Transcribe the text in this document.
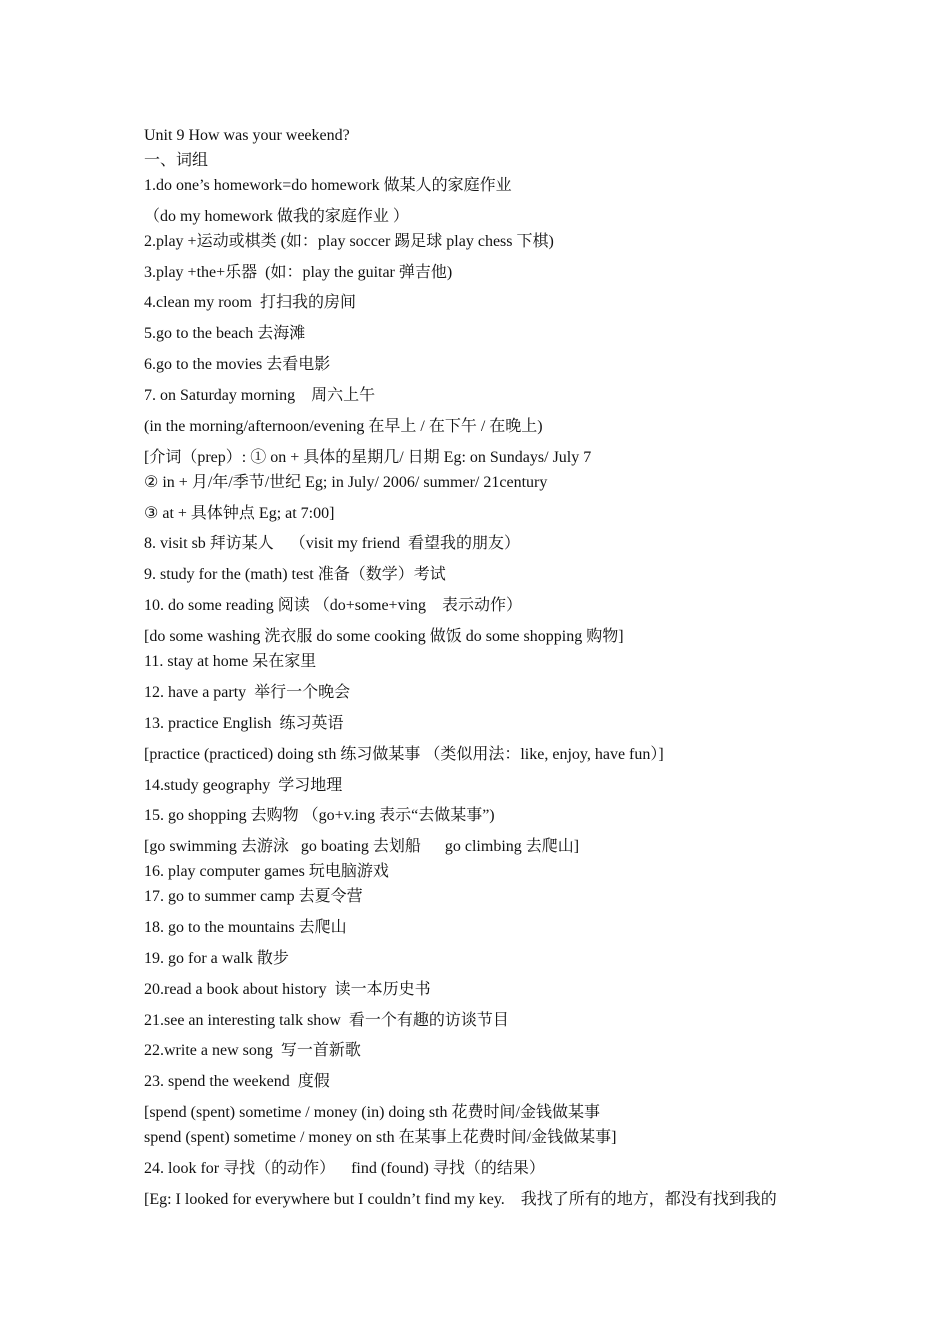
Unit 9 How was your weekend?
一、词组
1.do one’s homework=do homework 做某人的家庭作业
（do my homework 做我的家庭作业 ）
2.play +运动或棋类 (如：play soccer 踢足球 play chess 下棋)
3.play +the+乐器  (如：play the guitar 弹吉他)
4.clean my room  打扫我的房间
5.go to the beach 去海滩
6.go to the movies 去看电影
7. on Saturday morning    周六上午
(in the morning/afternoon/evening 在早上 / 在下午 / 在晚上)
[介词（prep）: ① on + 具体的星期几/ 日期 Eg: on Sundays/ July 7
② in + 月/年/季节/世纪 Eg; in July/ 2006/ summer/ 21century
③ at + 具体钟点 Eg; at 7:00]
8. visit sb 拜访某人    （visit my friend  看望我的朋友）
9. study for the (math) test 准备（数学）考试
10. do some reading 阅读 （do+some+ving    表示动作）
[do some washing 洗衣服 do some cooking 做饭 do some shopping 购物]
11. stay at home 呆在家里
12. have a party  举行一个晚会
13. practice English  练习英语
[practice (practiced) doing sth 练习做某事 （类似用法：like, enjoy, have fun）]
14.study geography  学习地理
15. go shopping 去购物 （go+v.ing 表示“去做某事”)
[go swimming 去游泳   go boating 去划船      go climbing 去爬山]
16. play computer games 玩电脑游戏
17. go to summer camp 去夏令营
18. go to the mountains 去爬山
19. go for a walk 散步
20.read a book about history  读一本历史书
21.see an interesting talk show  看一个有趣的访谈节目
22.write a new song  写一首新歌
23. spend the weekend  度假
[spend (spent) sometime / money (in) doing sth 花费时间/金钱做某事
spend (spent) sometime / money on sth 在某事上花费时间/金钱做某事]
24. look for 寻找（的动作）    find (found) 寻找（的结果）
[Eg: I looked for everywhere but I couldn’t find my key.    我找了所有的地方，都没有找到我的
